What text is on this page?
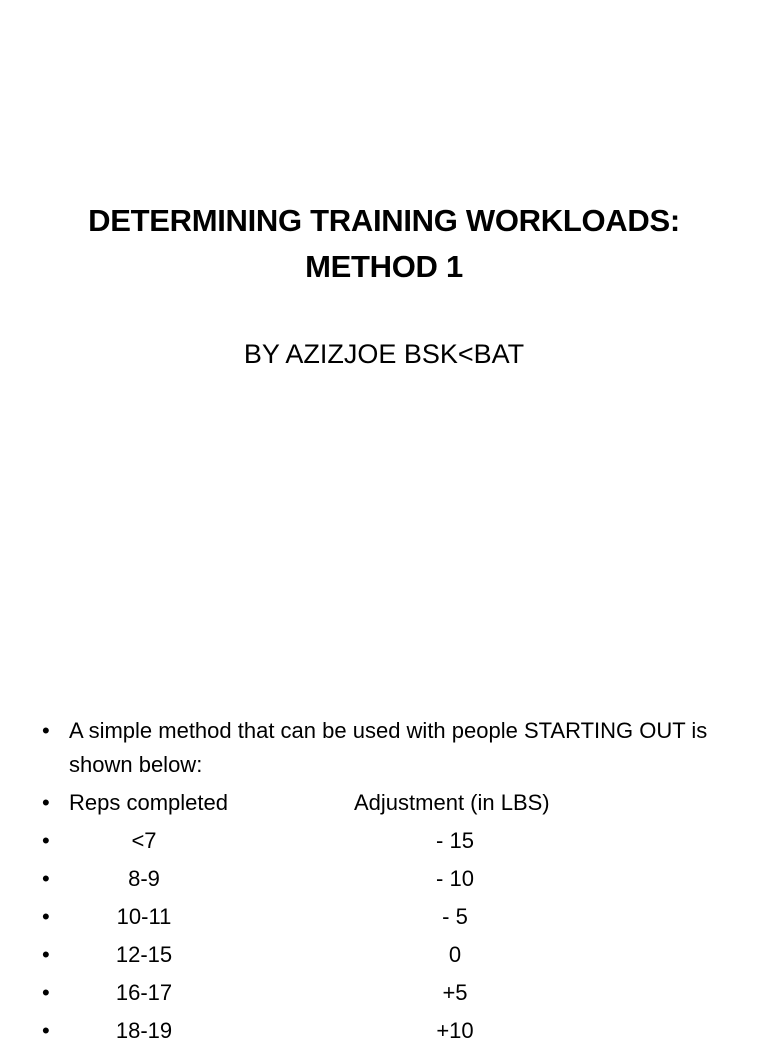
DETERMINING TRAINING WORKLOADS:
METHOD 1
BY AZIZJOE BSK<BAT
• A simple method that can be used with people STARTING OUT is shown below:
• Reps completed	Adjustment (in LBS)
•	<7	- 15
•	8-9	- 10
•	10-11	- 5
•	12-15	0
•	16-17	+5
•	18-19	+10
